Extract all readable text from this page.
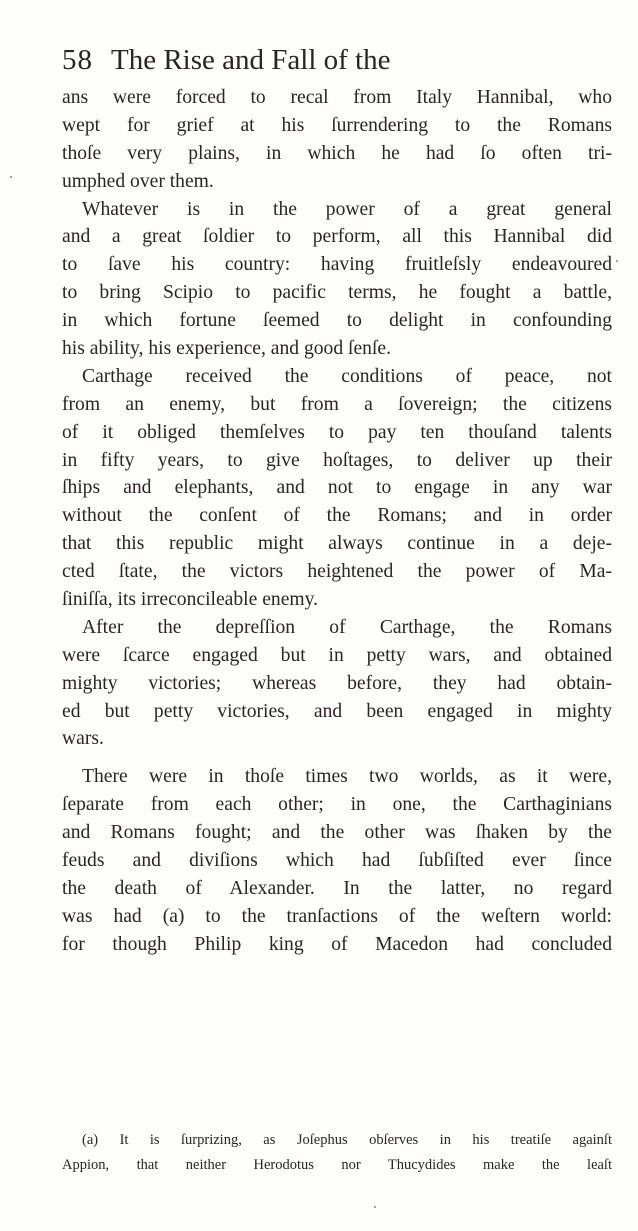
58 The Rise and Fall of the
ans were forced to recal from Italy Hannibal, who
wept for grief at his ſurrendering to the Romans
thoſe very plains, in which he had ſo often tri-
umphed over them.
Whatever is in the power of a great general
and a great ſoldier to perform, all this Hannibal did
to ſave his country: having fruitleſsly endeavoured
to bring Scipio to pacific terms, he fought a battle,
in which fortune ſeemed to delight in confounding
his ability, his experience, and good ſenſe.
Carthage received the conditions of peace, not
from an enemy, but from a ſovereign; the citizens
of it obliged themſelves to pay ten thouſand talents
in fifty years, to give hoſtages, to deliver up their
ſhips and elephants, and not to engage in any war
without the conſent of the Romans; and in order
that this republic might always continue in a deje-
cted ſtate, the victors heightened the power of Ma-
ſiniſſa, its irreconcileable enemy.
After the depreſſion of Carthage, the Romans
were ſcarce engaged but in petty wars, and obtained
mighty victories; whereas before, they had obtain-
ed but petty victories, and been engaged in mighty
wars.
There were in thoſe times two worlds, as it were,
ſeparate from each other; in one, the Carthaginians
and Romans fought; and the other was ſhaken by the
feuds and diviſions which had ſubſiſted ever ſince
the death of Alexander. In the latter, no regard
was had (a) to the tranſactions of the weſtern world:
for though Philip king of Macedon had concluded
(a) It is ſurprizing, as Joſephus obſerves in his treatiſe againſt
Appion, that neither Herodotus nor Thucydides make the leaſt
